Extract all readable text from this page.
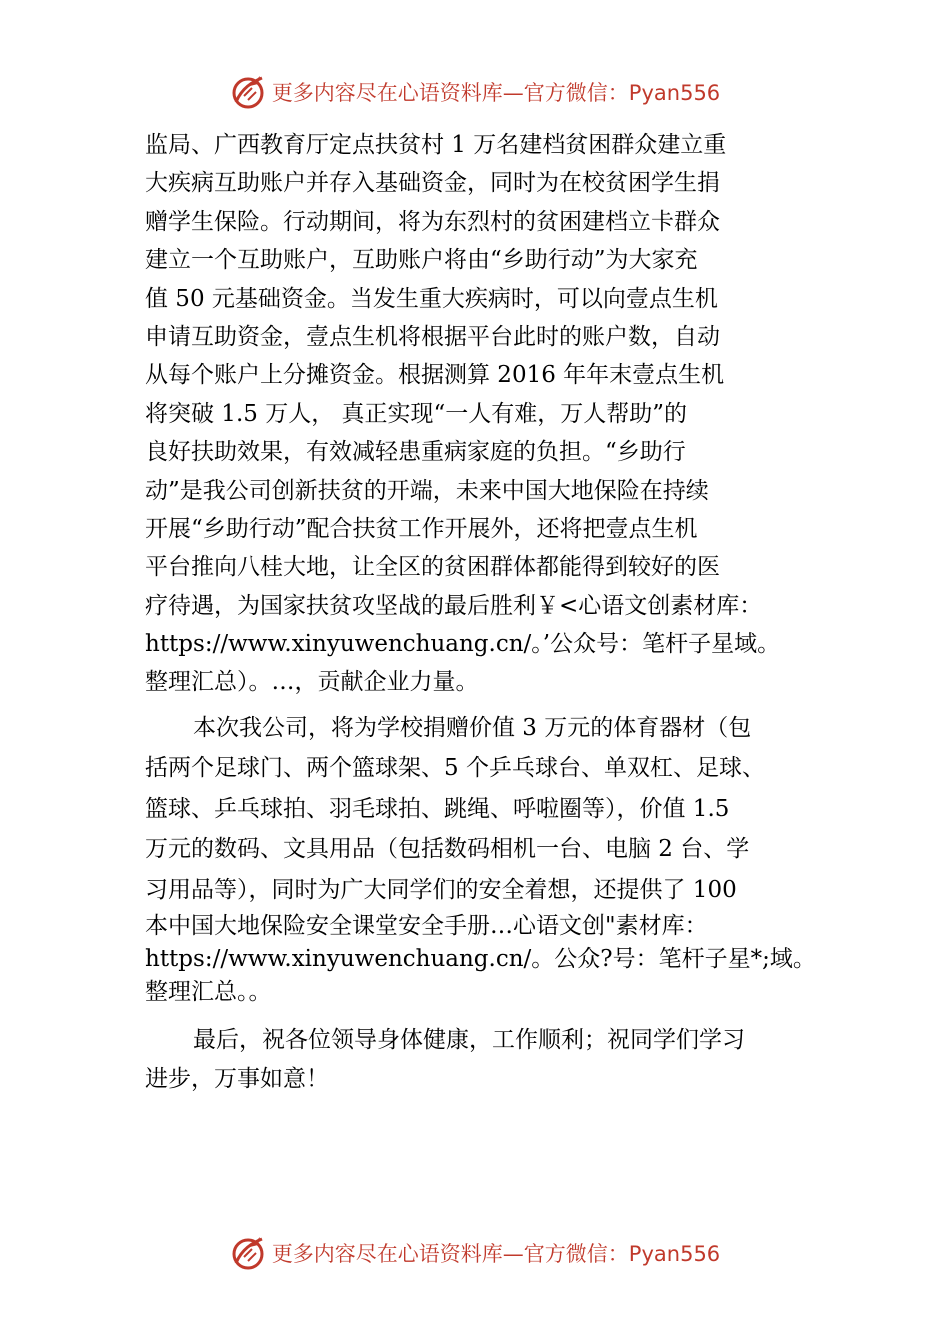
更多内容尽在心语资料库—官方微信：Pyan556
监局、广西教育厅定点扶贫村 1 万名建档贫困群众建立重
大疾病互助账户并存入基础资金，同时为在校贫困学生捐
赠学生保险。行动期间，将为东烈村的贫困建档立卡群众
建立一个互助账户，互助账户将由“乡助行动”为大家充
值 50 元基础资金。当发生重大疾病时，可以向壹点生机
申请互助资金，壹点生机将根据平台此时的账户数，自动
从每个账户上分摊资金。根据测算 2016 年年末壹点生机
将突破 1.5 万人， 真正实现“一人有难，万人帮助”的
良好扶助效果，有效减轻患重病家庭的负担。“乡助行
动”是我公司创新扶贫的开端，未来中国大地保险在持续
开展“乡助行动”配合扶贫工作开展外，还将把壹点生机
平台推向八桂大地，让全区的贫困群体都能得到较好的医
疗待遇，为国家扶贫攻坚战的最后胜利￥<心语文创素材库：
https://www.xinyuwenchuang.cn/。’公众号：笔杆子星域。
整理汇总）。…，贡献企业力量。
本次我公司，将为学校捐赠价值 3 万元的体育器材（包
括两个足球门、两个篮球架、5 个乒乓球台、单双杠、足球、
篮球、乒乓球拍、羽毛球拍、跳绳、呼啦圈等），价值 1.5
万元的数码、文具用品（包括数码相机一台、电脑 2 台、学
习用品等），同时为广大同学们的安全着想，还提供了 100
本中国大地保险安全课堂安全手册…心语文创"素材库：
https://www.xinyuwenchuang.cn/。公众?号：笔杆子星*;域。
整理汇总。。
最后，祝各位领导身体健康，工作顺利；祝同学们学习
进步，万事如意！
更多内容尽在心语资料库—官方微信：Pyan556
